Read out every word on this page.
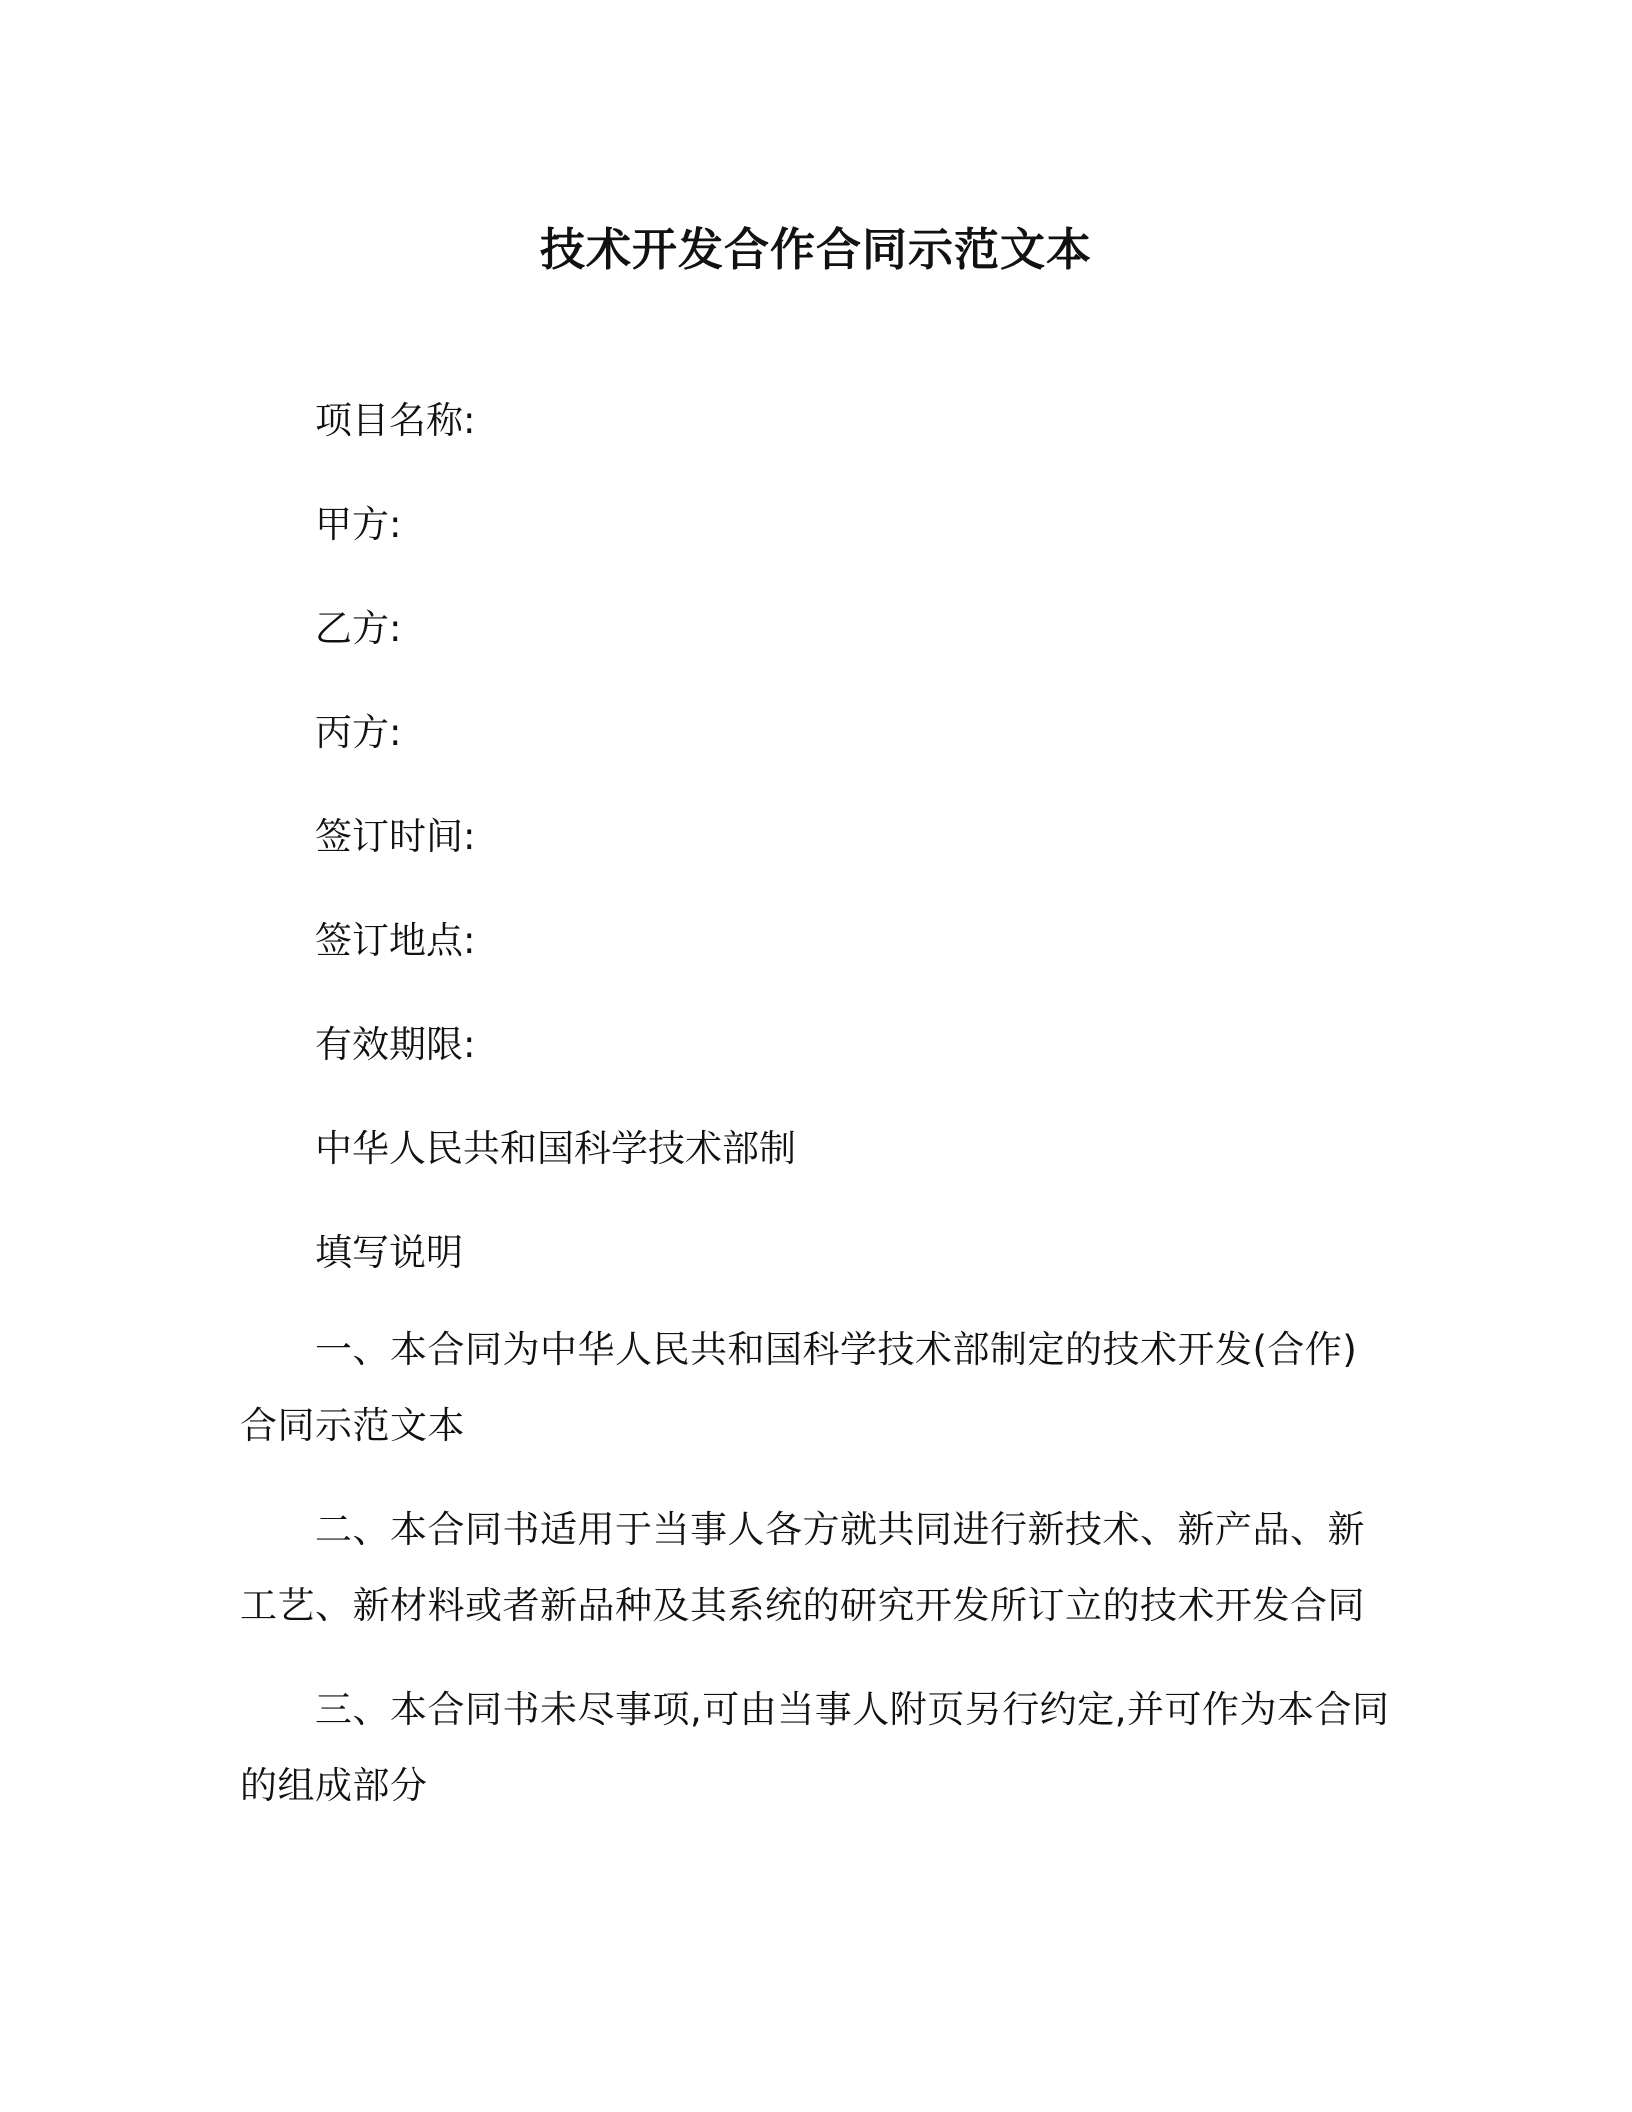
技术开发合作合同示范文本
项目名称:
甲方:
乙方:
丙方:
签订时间:
签订地点:
有效期限:
中华人民共和国科学技术部制
填写说明
一、本合同为中华人民共和国科学技术部制定的技术开发(合作)合同示范文本
二、本合同书适用于当事人各方就共同进行新技术、新产品、新工艺、新材料或者新品种及其系统的研究开发所订立的技术开发合同
三、本合同书未尽事项,可由当事人附页另行约定,并可作为本合同的组成部分
